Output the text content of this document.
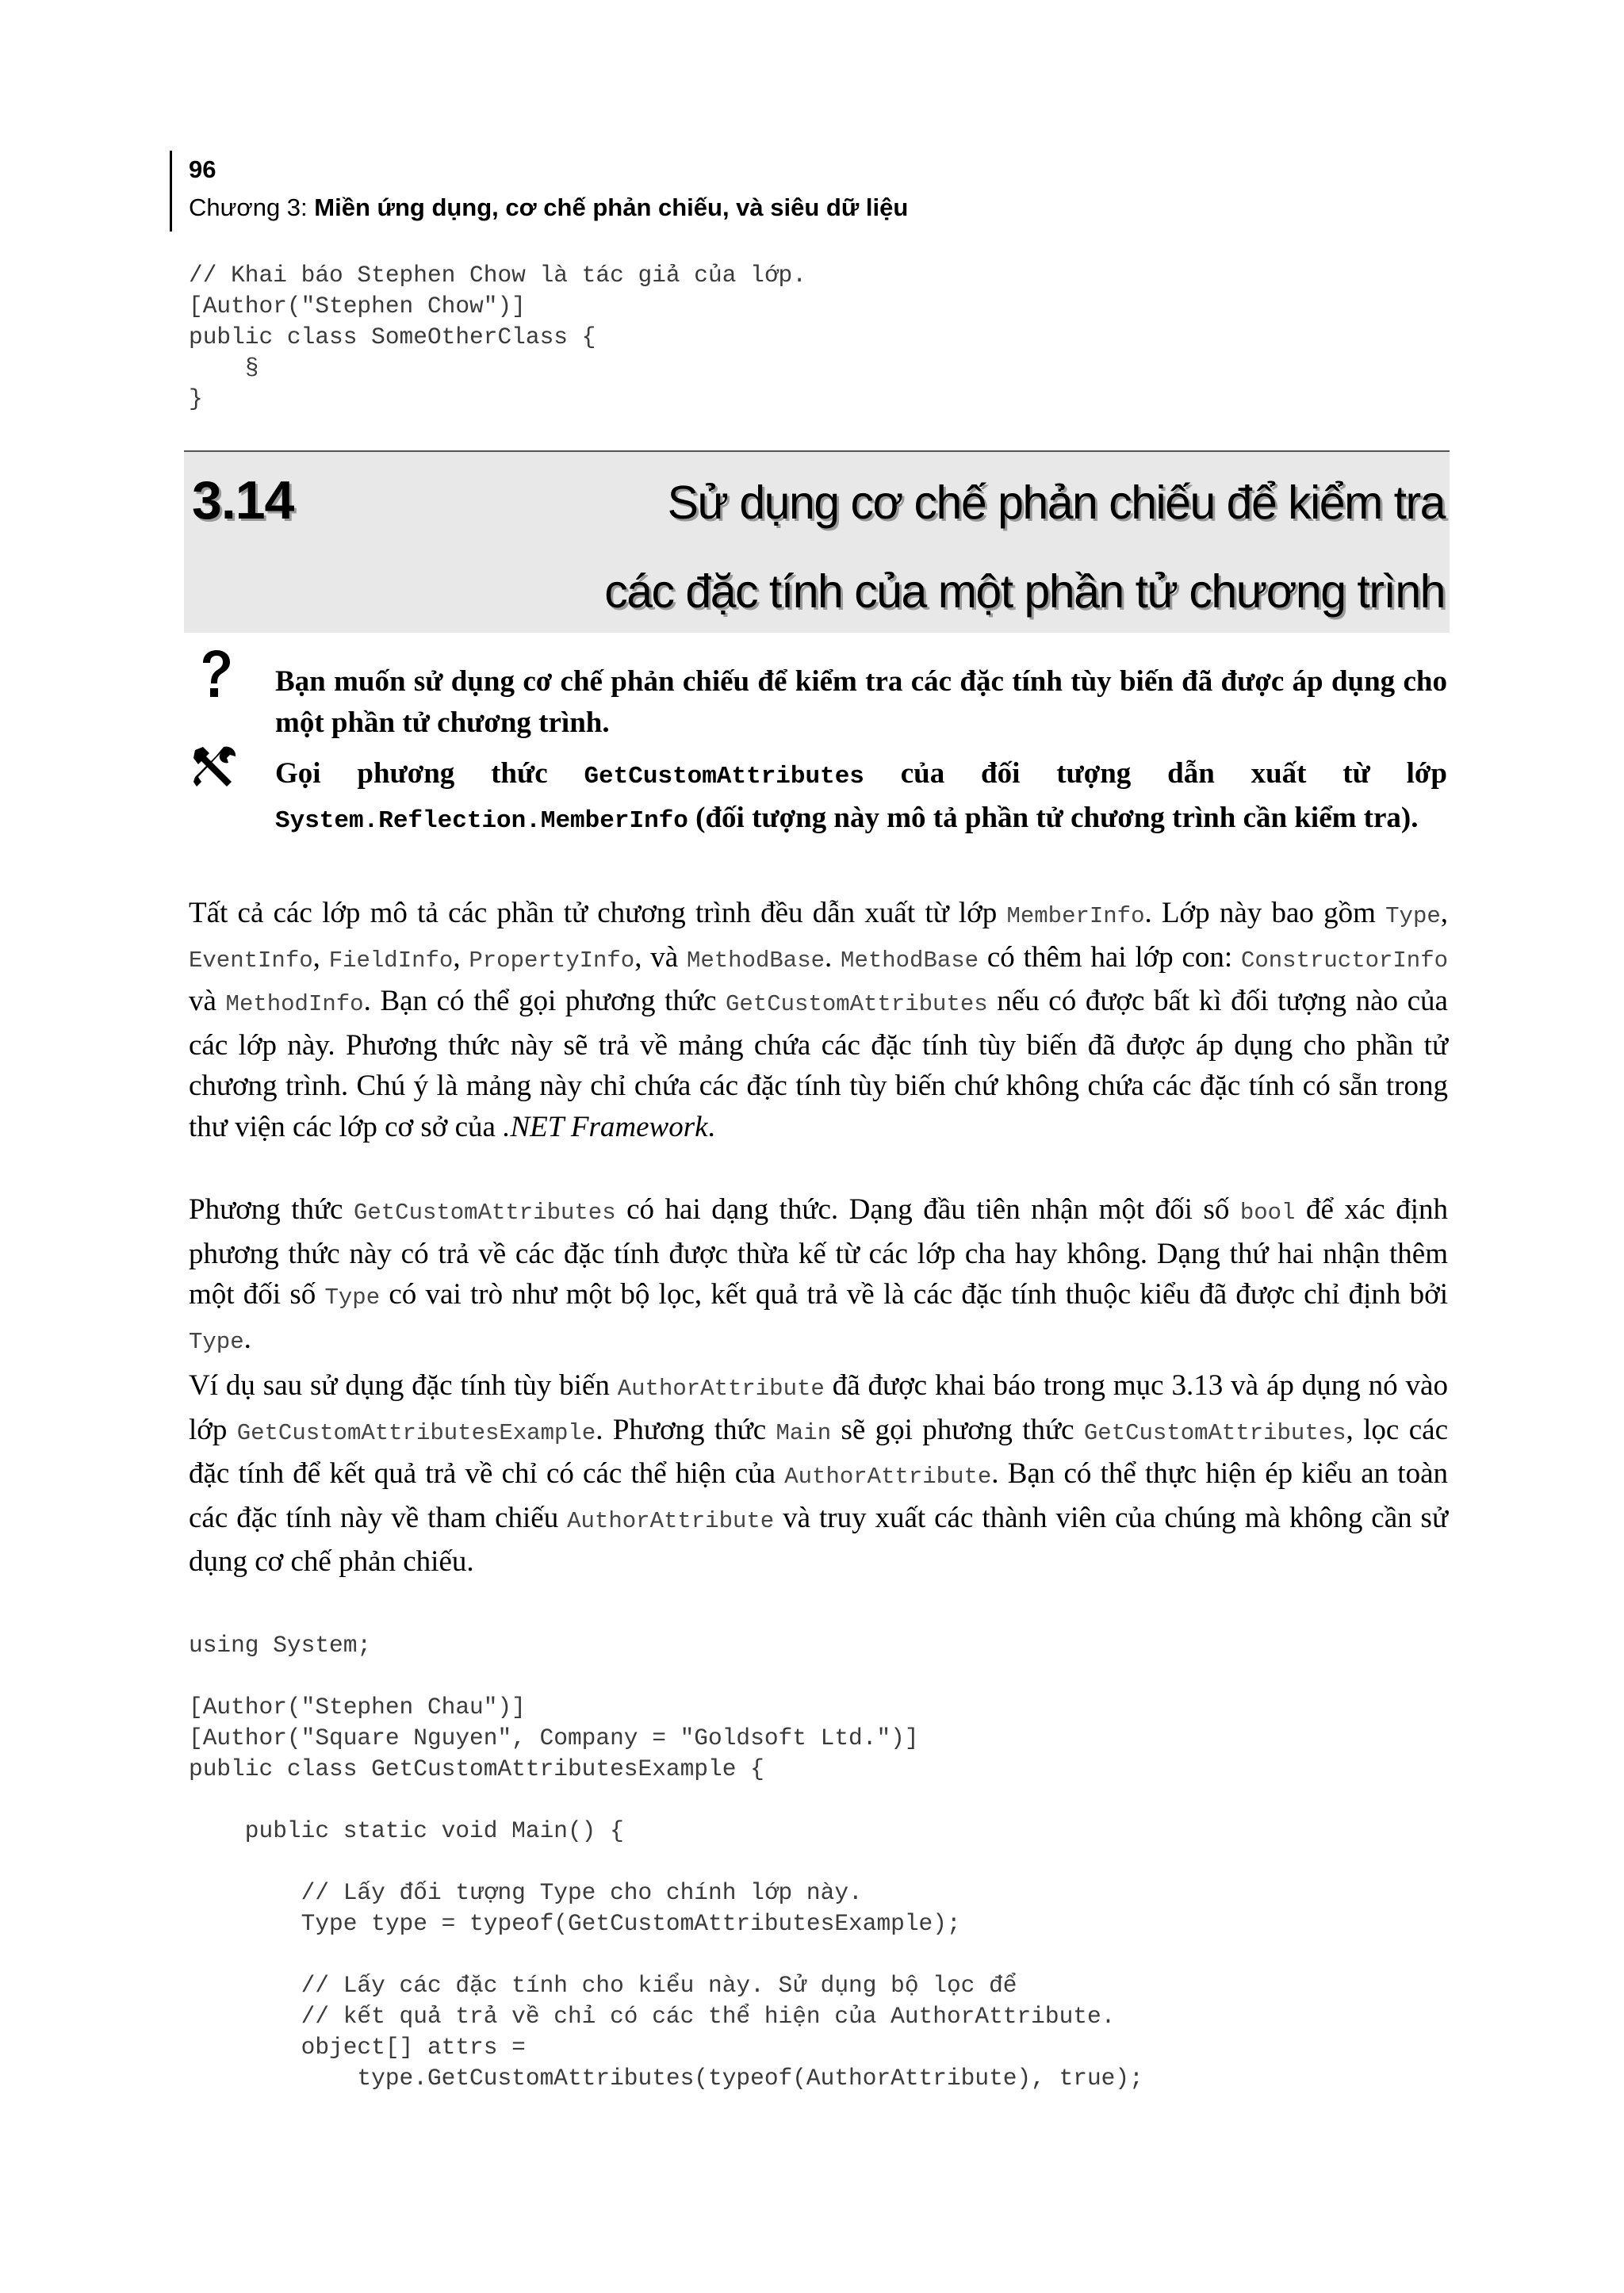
96
Chương 3: Miền ứng dụng, cơ chế phản chiếu, và siêu dữ liệu
// Khai báo Stephen Chow là tác giả của lớp.
[Author("Stephen Chow")]
public class SomeOtherClass {
§
}
3.14	Sử dụng cơ chế phản chiếu để kiểm tra
các đặc tính của một phần tử chương trình
Bạn muốn sử dụng cơ chế phản chiếu để kiểm tra các đặc tính tùy biến đã được áp dụng cho một phần tử chương trình.
Gọi phương thức GetCustomAttributes của đối tượng dẫn xuất từ lớp System.Reflection.MemberInfo (đối tượng này mô tả phần tử chương trình cần kiểm tra).

Tất cả các lớp mô tả các phần tử chương trình đều dẫn xuất từ lớp MemberInfo. Lớp này bao gồm Type, EventInfo, FieldInfo, PropertyInfo, và MethodBase. MethodBase có thêm hai lớp con: ConstructorInfo và MethodInfo. Bạn có thể gọi phương thức GetCustomAttributes nếu có được bất kì đối tượng nào của các lớp này. Phương thức này sẽ trả về mảng chứa các đặc tính tùy biến đã được áp dụng cho phần tử chương trình. Chú ý là mảng này chỉ chứa các đặc tính tùy biến chứ không chứa các đặc tính có sẵn trong thư viện các lớp cơ sở của .NET Framework.

Phương thức GetCustomAttributes có hai dạng thức. Dạng đầu tiên nhận một đối số bool để xác định phương thức này có trả về các đặc tính được thừa kế từ các lớp cha hay không. Dạng thứ hai nhận thêm một đối số Type có vai trò như một bộ lọc, kết quả trả về là các đặc tính thuộc kiểu đã được chỉ định bởi Type.

Ví dụ sau sử dụng đặc tính tùy biến AuthorAttribute đã được khai báo trong mục 3.13 và áp dụng nó vào lớp GetCustomAttributesExample. Phương thức Main sẽ gọi phương thức GetCustomAttributes, lọc các đặc tính để kết quả trả về chỉ có các thể hiện của AuthorAttribute. Bạn có thể thực hiện ép kiểu an toàn các đặc tính này về tham chiếu AuthorAttribute và truy xuất các thành viên của chúng mà không cần sử dụng cơ chế phản chiếu.

using System;

[Author("Stephen Chau")]
[Author("Square Nguyen", Company = "Goldsoft Ltd.")]
public class GetCustomAttributesExample {

public static void Main() {

// Lấy đối tượng Type cho chính lớp này.
Type type = typeof(GetCustomAttributesExample);

// Lấy các đặc tính cho kiểu này. Sử dụng bộ lọc để
// kết quả trả về chỉ có các thể hiện của AuthorAttribute.
object[] attrs =
type.GetCustomAttributes(typeof(AuthorAttribute), true);
